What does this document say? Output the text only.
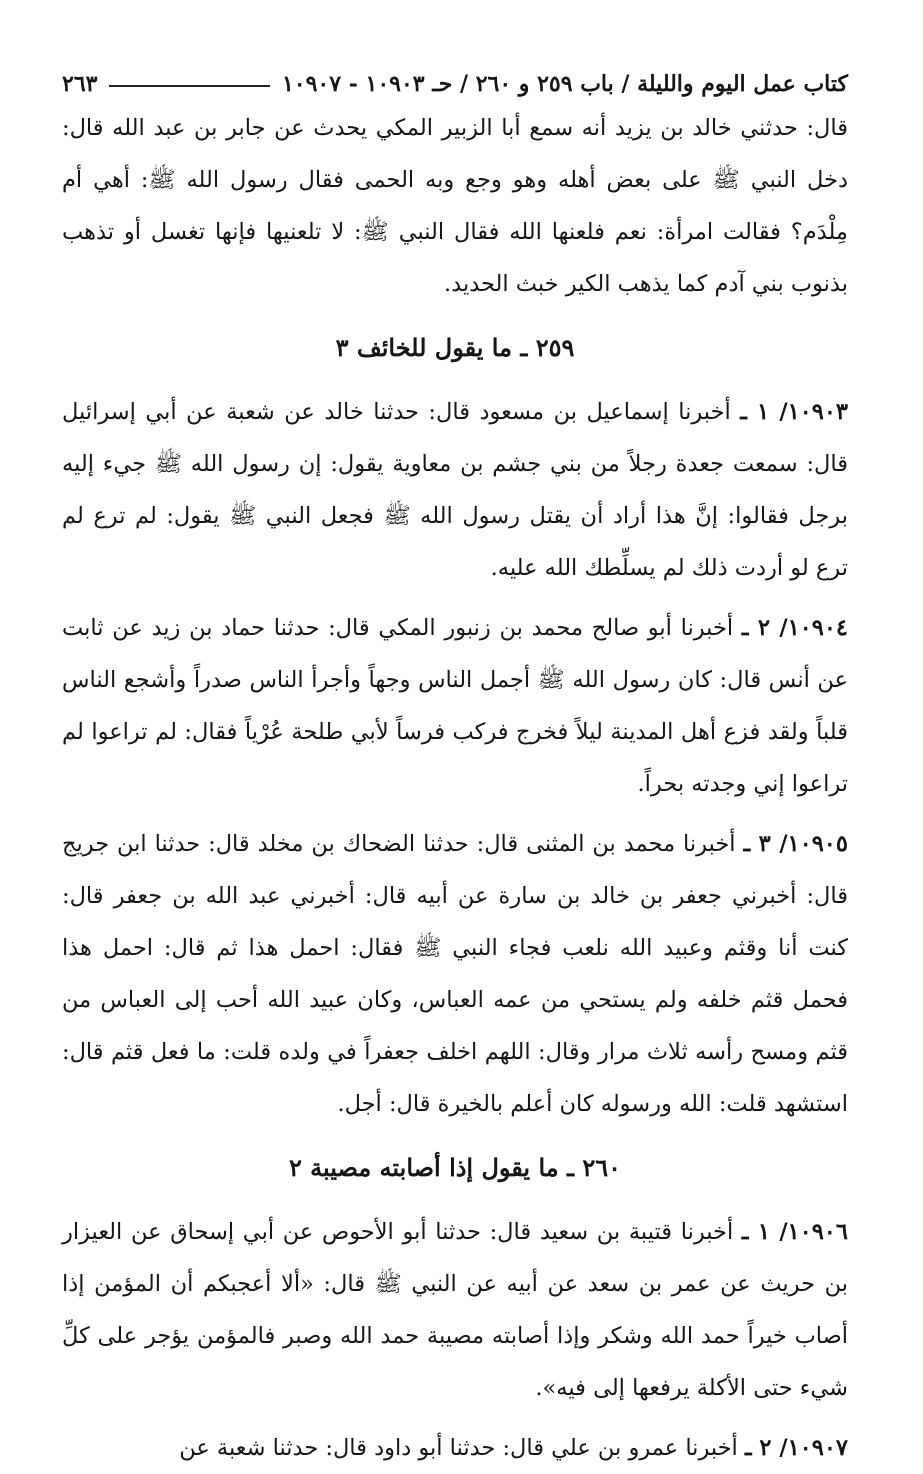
كتاب عمل اليوم والليلة / باب ٢٥٩ و ٢٦٠ / حـ ١٠٩٠٣ - ١٠٩٠٧
٢٦٣

قال: حدثني خالد بن يزيد أنه سمع أبا الزبير المكي يحدث عن جابر بن عبد الله قال: دخل النبي ﷺ على بعض أهله وهو وجع وبه الحمى فقال رسول الله ﷺ: أهي أم مِلْدَم؟ فقالت امرأة: نعم فلعنها الله فقال النبي ﷺ: لا تلعنيها فإنها تغسل أو تذهب بذنوب بني آدم كما يذهب الكير خبث الحديد.

٢٥٩ ـ ما يقول للخائف ٣

١٠٩٠٣/ ١ ـ أخبرنا إسماعيل بن مسعود قال: حدثنا خالد عن شعبة عن أبي إسرائيل قال: سمعت جعدة رجلاً من بني جشم بن معاوية يقول: إن رسول الله ﷺ جيء إليه برجل فقالوا: إنَّ هذا أراد أن يقتل رسول الله ﷺ فجعل النبي ﷺ يقول: لم ترع لم ترع لو أردت ذلك لم يسلِّطك الله عليه.

١٠٩٠٤/ ٢ ـ أخبرنا أبو صالح محمد بن زنبور المكي قال: حدثنا حماد بن زيد عن ثابت عن أنس قال: كان رسول الله ﷺ أجمل الناس وجهاً وأجرأ الناس صدراً وأشجع الناس قلباً ولقد فزع أهل المدينة ليلاً فخرج فركب فرساً لأبي طلحة عُرْياً فقال: لم تراعوا لم تراعوا إني وجدته بحراً.

١٠٩٠٥/ ٣ ـ أخبرنا محمد بن المثنى قال: حدثنا الضحاك بن مخلد قال: حدثنا ابن جريج قال: أخبرني جعفر بن خالد بن سارة عن أبيه قال: أخبرني عبد الله بن جعفر قال: كنت أنا وقثم وعبيد الله نلعب فجاء النبي ﷺ فقال: احمل هذا ثم قال: احمل هذا فحمل قثم خلفه ولم يستحي من عمه العباس، وكان عبيد الله أحب إلى العباس من قثم ومسح رأسه ثلاث مرار وقال: اللهم اخلف جعفراً في ولده قلت: ما فعل قثم قال: استشهد قلت: الله ورسوله كان أعلم بالخيرة قال: أجل.

٢٦٠ ـ ما يقول إذا أصابته مصيبة ٢

١٠٩٠٦/ ١ ـ أخبرنا قتيبة بن سعيد قال: حدثنا أبو الأحوص عن أبي إسحاق عن العيزار بن حريث عن عمر بن سعد عن أبيه عن النبي ﷺ قال: «ألا أعجبكم أن المؤمن إذا أصاب خيراً حمد الله وشكر وإذا أصابته مصيبة حمد الله وصبر فالمؤمن يؤجر على كلِّ شيء حتى الأكلة يرفعها إلى فيه».

١٠٩٠٧/ ٢ ـ أخبرنا عمرو بن علي قال: حدثنا أبو داود قال: حدثنا شعبة عن
